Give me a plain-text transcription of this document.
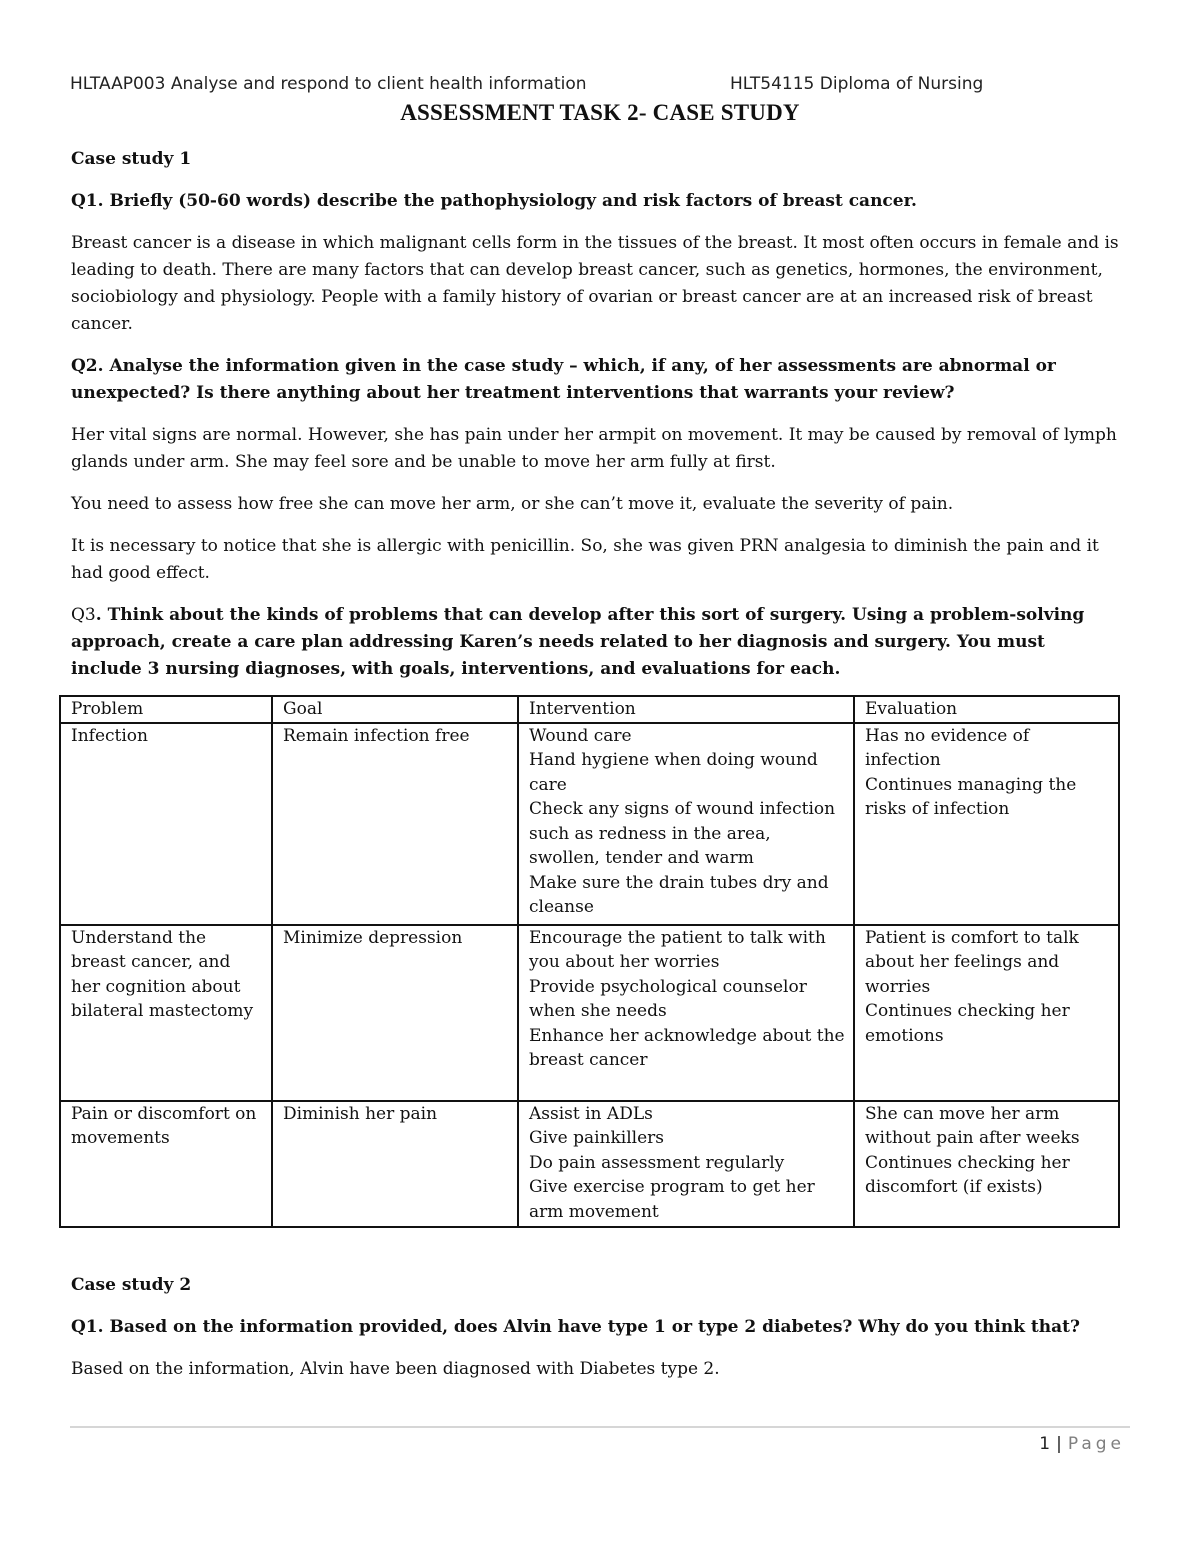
HLTAAP003 Analyse and respond to client health information	HLT54115 Diploma of Nursing
ASSESSMENT TASK 2- CASE STUDY

Case study 1

Q1. Briefly (50-60 words) describe the pathophysiology and risk factors of breast cancer.

Breast cancer is a disease in which malignant cells form in the tissues of the breast. It most often occurs in female and is leading to death. There are many factors that can develop breast cancer, such as genetics, hormones, the environment, sociobiology and physiology. People with a family history of ovarian or breast cancer are at an increased risk of breast cancer.

Q2. Analyse the information given in the case study – which, if any, of her assessments are abnormal or unexpected? Is there anything about her treatment interventions that warrants your review?

Her vital signs are normal. However, she has pain under her armpit on movement. It may be caused by removal of lymph glands under arm. She may feel sore and be unable to move her arm fully at first.

You need to assess how free she can move her arm, or she can’t move it, evaluate the severity of pain.

It is necessary to notice that she is allergic with penicillin. So, she was given PRN analgesia to diminish the pain and it had good effect.

Q3. Think about the kinds of problems that can develop after this sort of surgery. Using a problem-solving approach, create a care plan addressing Karen’s needs related to her diagnosis and surgery. You must include 3 nursing diagnoses, with goals, interventions, and evaluations for each.

Problem	Goal	Intervention	Evaluation
Infection	Remain infection free	Wound care
Hand hygiene when doing wound care
Check any signs of wound infection such as redness in the area, swollen, tender and warm
Make sure the drain tubes dry and cleanse	Has no evidence of infection
Continues managing the risks of infection

Understand the breast cancer, and her cognition about bilateral mastectomy	Minimize depression	Encourage the patient to talk with you about her worries
Provide psychological counselor when she needs
Enhance her acknowledge about the breast cancer	Patient is comfort to talk about her feelings and worries
Continues checking her emotions

Pain or discomfort on movements	Diminish her pain	Assist in ADLs
Give painkillers
Do pain assessment regularly
Give exercise program to get her arm movement	She can move her arm without pain after weeks
Continues checking her discomfort (if exists)

Case study 2

Q1. Based on the information provided, does Alvin have type 1 or type 2 diabetes? Why do you think that?

Based on the information, Alvin have been diagnosed with Diabetes type 2.

1 | Page
